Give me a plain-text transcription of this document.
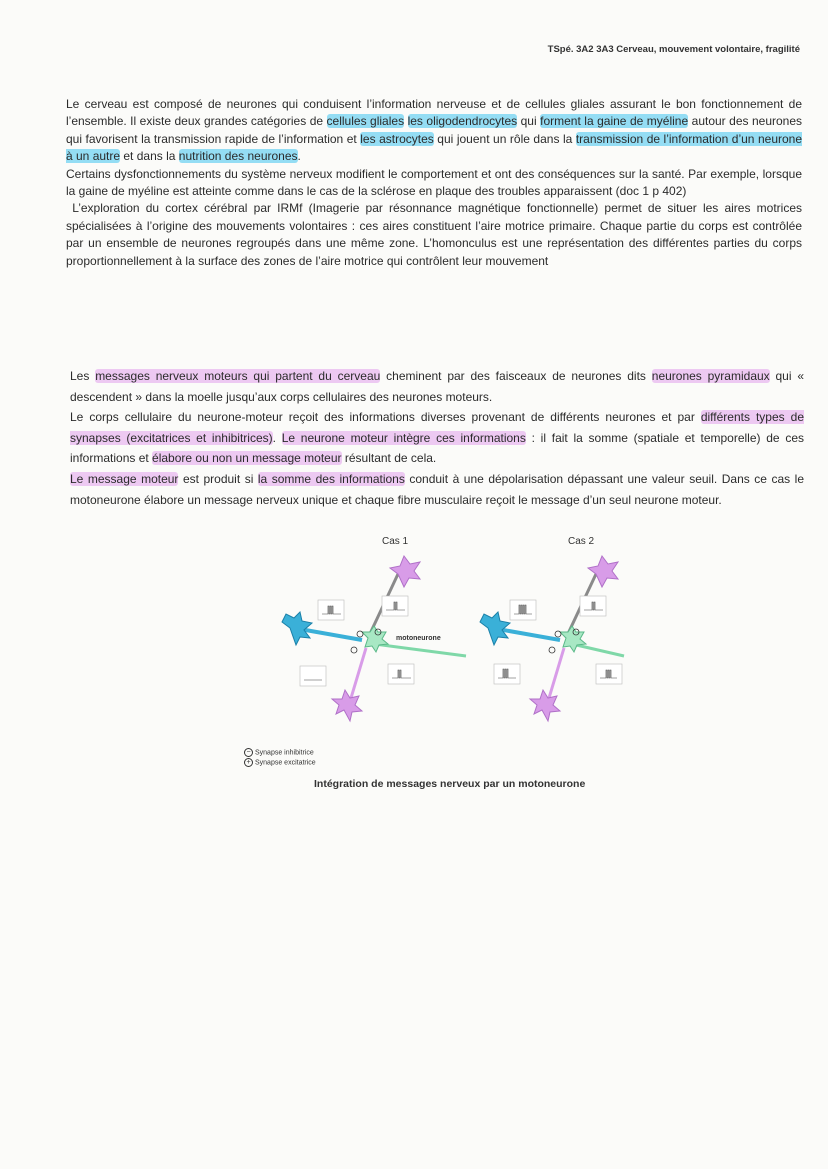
TSpé. 3A2 3A3 Cerveau, mouvement volontaire, fragilité

Le cerveau est composé de neurones qui conduisent l’information nerveuse et de cellules gliales assurant le bon fonctionnement de l’ensemble. Il existe deux grandes catégories de cellules gliales les oligodendrocytes qui forment la gaine de myéline autour des neurones qui favorisent la transmission rapide de l’information et les astrocytes qui jouent un rôle dans la transmission de l’information d’un neurone à un autre et dans la nutrition des neurones.
Certains dysfonctionnements du système nerveux modifient le comportement et ont des conséquences sur la santé. Par exemple, lorsque la gaine de myéline est atteinte comme dans le cas de la sclérose en plaque des troubles apparaissent (doc 1 p 402)
L’exploration du cortex cérébral par IRMf (Imagerie par résonnance magnétique fonctionnelle) permet de situer les aires motrices spécialisées à l’origine des mouvements volontaires : ces aires constituent l’aire motrice primaire. Chaque partie du corps est contrôlée par un ensemble de neurones regroupés dans une même zone. L’homonculus est une représentation des différentes parties du corps proportionnellement à la surface des zones de l’aire motrice qui contrôlent leur mouvement

Les messages nerveux moteurs qui partent du cerveau cheminent par des faisceaux de neurones dits neurones pyramidaux qui « descendent » dans la moelle jusqu’aux corps cellulaires des neurones moteurs.
Le corps cellulaire du neurone-moteur reçoit des informations diverses provenant de différents neurones et par différents types de synapses (excitatrices et inhibitrices). Le neurone moteur intègre ces informations : il fait la somme (spatiale et temporelle) de ces informations et élabore ou non un message moteur résultant de cela.
Le message moteur est produit si la somme des informations conduit à une dépolarisation dépassant une valeur seuil. Dans ce cas le motoneurone élabore un message nerveux unique et chaque fibre musculaire reçoit le message d’un seul neurone moteur.

Cas 1	Cas 2
motoneurone
− Synapse inhibitrice
+ Synapse excitatrice
Intégration de messages nerveux par un motoneurone
